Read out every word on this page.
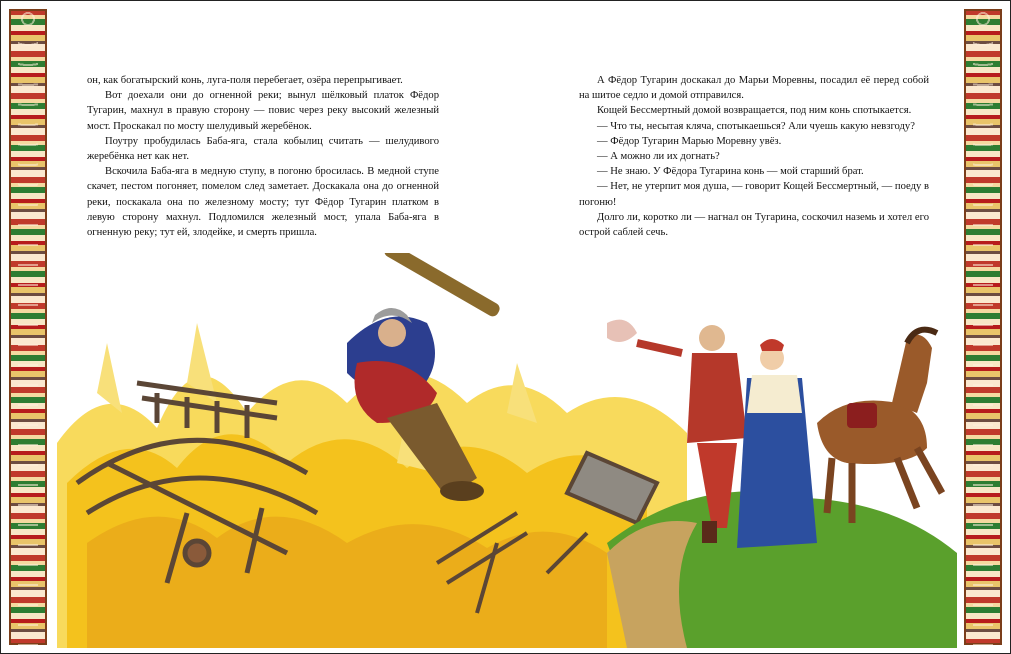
он, как богатырский конь, луга-поля перебегает, озёра перепрыгивает.

Вот доехали они до огненной реки; вынул шёлковый платок Фёдор Тугарин, махнул в правую сторону — повис через реку высокий железный мост. Проскакал по мосту шелудивый жеребёнок.

Поутру пробудилась Баба-яга, стала кобылиц считать — шелудивого жеребёнка нет как нет.

Вскочила Баба-яга в медную ступу, в погоню бросилась. В медной ступе скачет, пестом погоняет, помелом след заметает. Доскакала она до огненной реки, поскакала она по железному мосту; тут Фёдор Тугарин платком в левую сторону махнул. Подломился железный мост, упала Баба-яга в огненную реку; тут ей, злодейке, и смерть пришла.

А Фёдор Тугарин доскакал до Марьи Моревны, посадил её перед собой на шитое седло и домой отправился.

Кощей Бессмертный домой возвращается, под ним конь спотыкается.

— Что ты, несытая кляча, спотыкаешься? Али чуешь какую невзгоду?

— Фёдор Тугарин Марью Моревну увёз.

— А можно ли их догнать?

— Не знаю. У Фёдора Тугарина конь — мой старший брат.

— Нет, не утерпит моя душа, — говорит Кощей Бессмертный, — поеду в погоню!

Долго ли, коротко ли — нагнал он Тугарина, соскочил наземь и хотел его острой саблей сечь.
